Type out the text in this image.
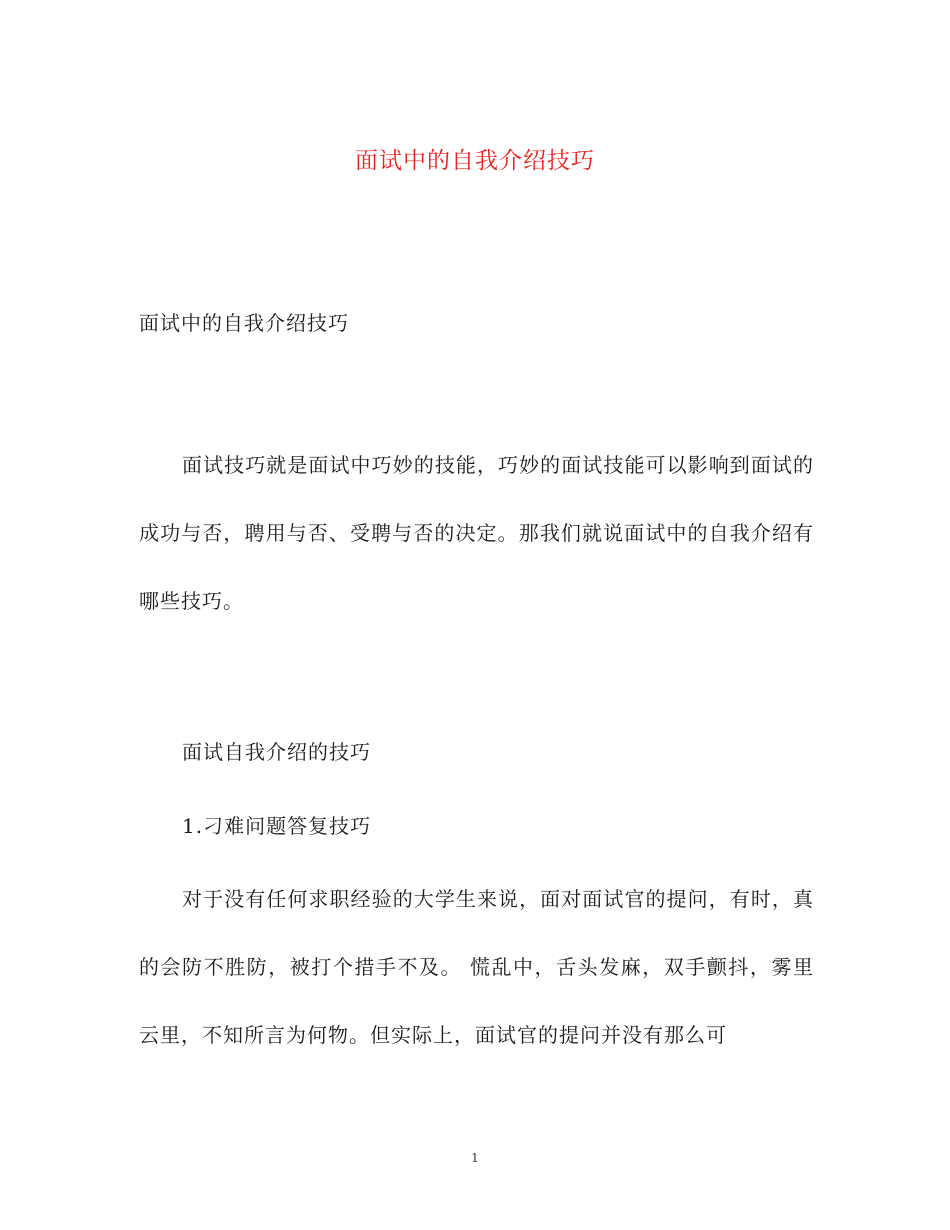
面试中的自我介绍技巧
面试中的自我介绍技巧

面试技巧就是面试中巧妙的技能，巧妙的面试技能可以影响到面试的成功与否，聘用与否、受聘与否的决定。那我们就说面试中的自我介绍有哪些技巧。

面试自我介绍的技巧

1.刁难问题答复技巧

对于没有任何求职经验的大学生来说，面对面试官的提问，有时，真的会防不胜防，被打个措手不及。 慌乱中，舌头发麻，双手颤抖，雾里云里，不知所言为何物。但实际上，面试官的提问并没有那么可

1
